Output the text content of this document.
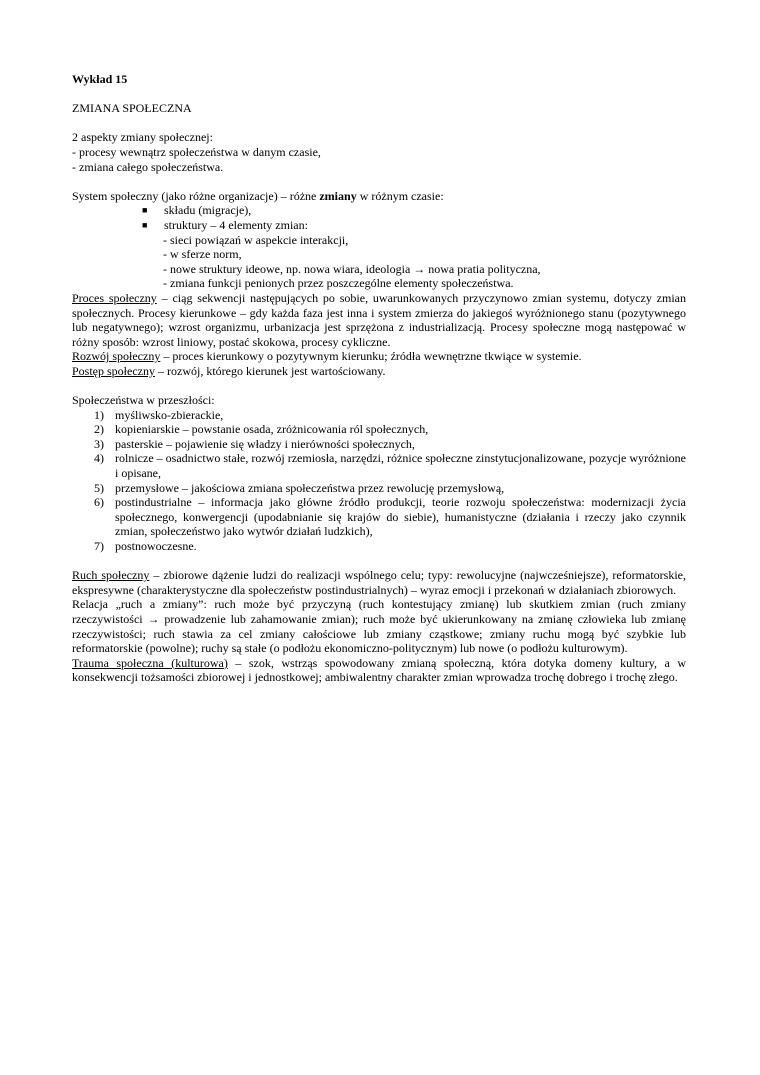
Wykład 15
ZMIANA SPOŁECZNA
2 aspekty zmiany społecznej:
- procesy wewnątrz społeczeństwa w danym czasie,
- zmiana całego społeczeństwa.
System społeczny (jako różne organizacje) – różne zmiany w różnym czasie:
■	składu (migracje),
■	struktury – 4 elementy zmian:
- sieci powiązań w aspekcie interakcji,
- w sferze norm,
- nowe struktury ideowe, np. nowa wiara, ideologia → nowa pratia polityczna,
- zmiana funkcji penionych przez poszczególne elementy społeczeństwa.
Proces społeczny – ciąg sekwencji następujących po sobie, uwarunkowanych przyczynowo zmian systemu, dotyczy zmian społecznych. Procesy kierunkowe – gdy każda faza jest inna i system zmierza do jakiegoś wyróżnionego stanu (pozytywnego lub negatywnego); wzrost organizmu, urbanizacja jest sprzężona z industrializacją. Procesy społeczne mogą następować w różny sposób: wzrost liniowy, postać skokowa, procesy cykliczne.
Rozwój społeczny – proces kierunkowy o pozytywnym kierunku; źródła wewnętrzne tkwiące w systemie.
Postęp społeczny – rozwój, którego kierunek jest wartościowany.
Społeczeństwa w przeszłości:
1) myśliwsko-zbierackie,
2) kopieniarskie – powstanie osada, zróżnicowania ról społecznych,
3) pasterskie – pojawienie się władzy i nierówności społecznych,
4) rolnicze – osadnictwo stałe, rozwój rzemiosła, narzędzi, różnice społeczne zinstytucjonalizowane, pozycje wyróżnione i opisane,
5) przemysłowe – jakościowa zmiana społeczeństwa przez rewolucję przemysłową,
6) postindustrialne – informacja jako główne źródło produkcji, teorie rozwoju społeczeństwa: modernizacji życia społecznego, konwergencji (upodabnianie się krajów do siebie), humanistyczne (działania i rzeczy jako czynnik zmian, społeczeństwo jako wytwór działań ludzkich),
7) postnowoczesne.
Ruch społeczny – zbiorowe dążenie ludzi do realizacji wspólnego celu; typy: rewolucyjne (najwcześniejsze), reformatorskie, ekspresywne (charakterystyczne dla społeczeństw postindustrialnych) – wyraz emocji i przekonań w działaniach zbiorowych.
Relacja „ruch a zmiany”: ruch może być przyczyną (ruch kontestujący zmianę) lub skutkiem zmian (ruch zmiany rzeczywistości → prowadzenie lub zahamowanie zmian); ruch może być ukierunkowany na zmianę człowieka lub zmianę rzeczywistości; ruch stawia za cel zmiany całościowe lub zmiany cząstkowe; zmiany ruchu mogą być szybkie lub reformatorskie (powolne); ruchy są stałe (o podłożu ekonomiczno-politycznym) lub nowe (o podłożu kulturowym).
Trauma społeczna (kulturowa) – szok, wstrząs spowodowany zmianą społeczną, która dotyka domeny kultury, a w konsekwencji tożsamości zbiorowej i jednostkowej; ambiwalentny charakter zmian wprowadza trochę dobrego i trochę złego.
